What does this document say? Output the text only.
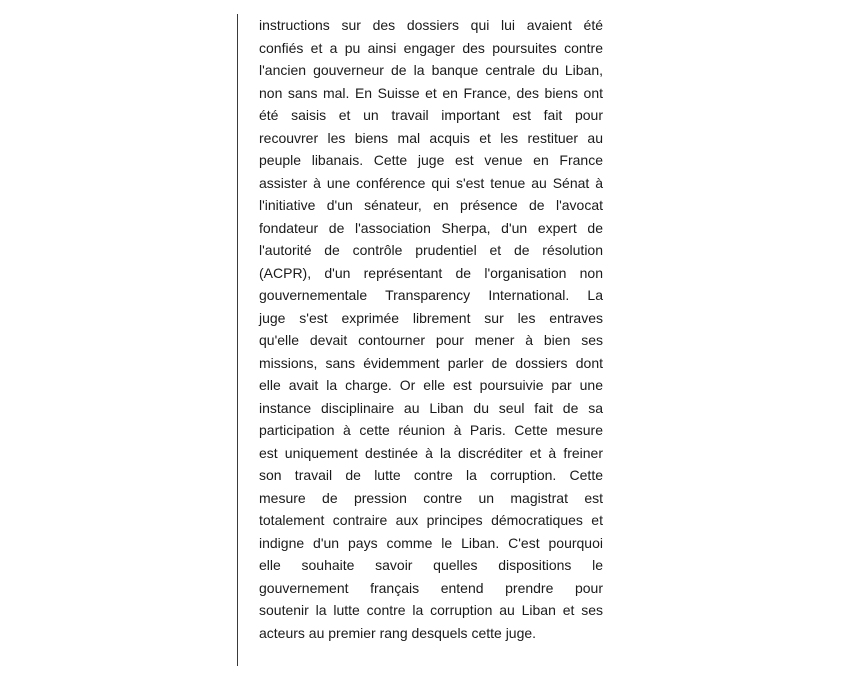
instructions sur des dossiers qui lui avaient été
confiés et a pu ainsi engager des poursuites contre
l'ancien gouverneur de la banque centrale du Liban,
non sans mal. En Suisse et en France, des biens ont
été saisis et un travail important est fait pour
recouvrer les biens mal acquis et les restituer au
peuple libanais. Cette juge est venue en France
assister à une conférence qui s'est tenue au Sénat à
l'initiative d'un sénateur, en présence de l'avocat
fondateur de l'association Sherpa, d'un expert de
l'autorité de contrôle prudentiel et de résolution
(ACPR), d'un représentant de l'organisation non
gouvernementale Transparency International. La
juge s'est exprimée librement sur les entraves
qu'elle devait contourner pour mener à bien ses
missions, sans évidemment parler de dossiers dont
elle avait la charge. Or elle est poursuivie par une
instance disciplinaire au Liban du seul fait de sa
participation à cette réunion à Paris. Cette mesure
est uniquement destinée à la discréditer et à freiner
son travail de lutte contre la corruption. Cette
mesure de pression contre un magistrat est
totalement contraire aux principes démocratiques et
indigne d'un pays comme le Liban. C'est pourquoi
elle souhaite savoir quelles dispositions le
gouvernement français entend prendre pour
soutenir la lutte contre la corruption au Liban et ses
acteurs au premier rang desquels cette juge.
